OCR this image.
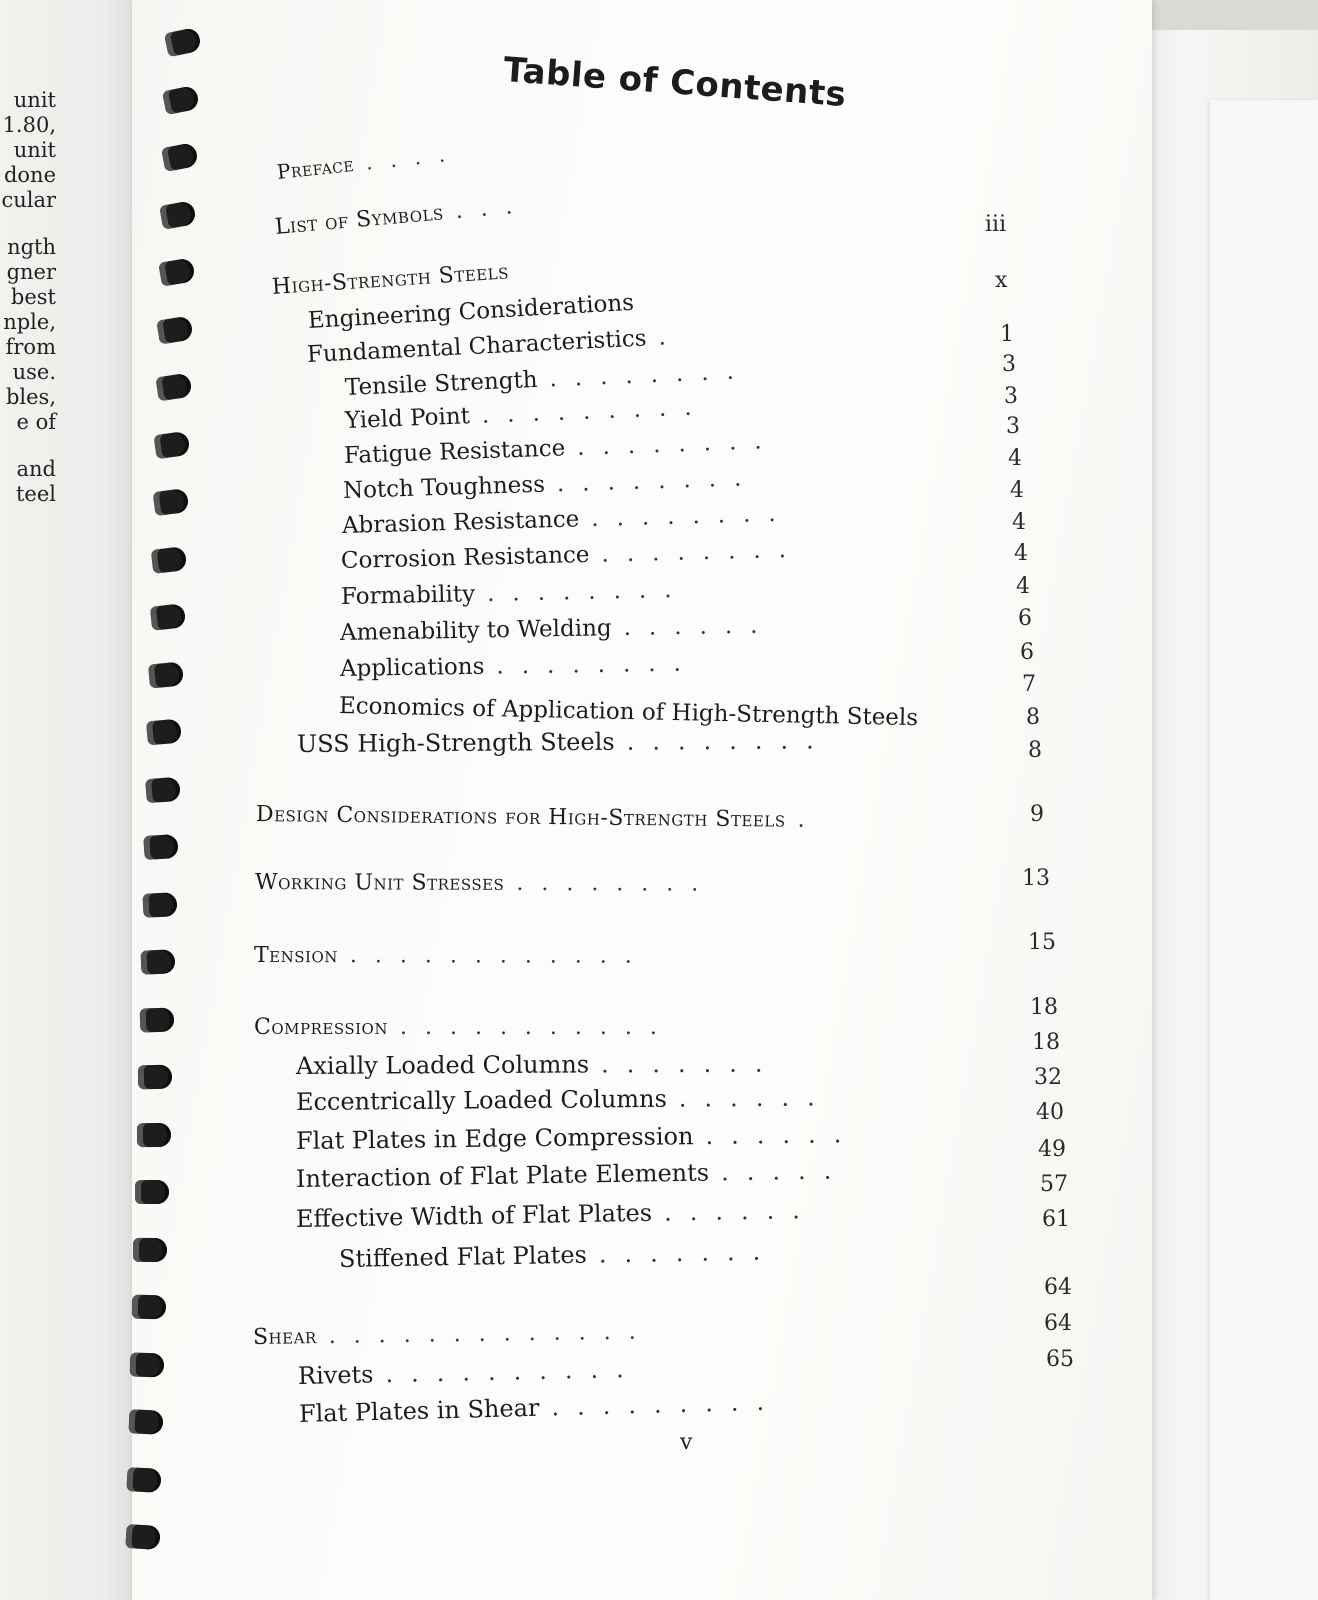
unit
1.80,
unit
done
cular
ngth
gner
best
nple,
from
use.
bles,
e of
and
teel
Table of Contents
Preface ....
List of Symbols ...
High-Strength Steels
Engineering Considerations
Fundamental Characteristics .
Tensile Strength ........
Yield Point .........
Fatigue Resistance ........
Notch Toughness ........
Abrasion Resistance ........
Corrosion Resistance ........
Formability ........
Amenability to Welding ......
Applications ........
Economics of Application of High-Strength Steels
USS High-Strength Steels ........
Design Considerations for High-Strength Steels .
Working Unit Stresses ........
Tension ............
Compression ...........
Axially Loaded Columns .......
Eccentrically Loaded Columns ......
Flat Plates in Edge Compression ......
Interaction of Flat Plate Elements .....
Effective Width of Flat Plates ......
Stiffened Flat Plates .......
Shear .............
Rivets ..........
Flat Plates in Shear .........
iii
x
1
3
3
3
4
4
4
4
4
6
6
7
8
8
9
13
15
18
18
32
40
49
57
61
64
64
65
v
